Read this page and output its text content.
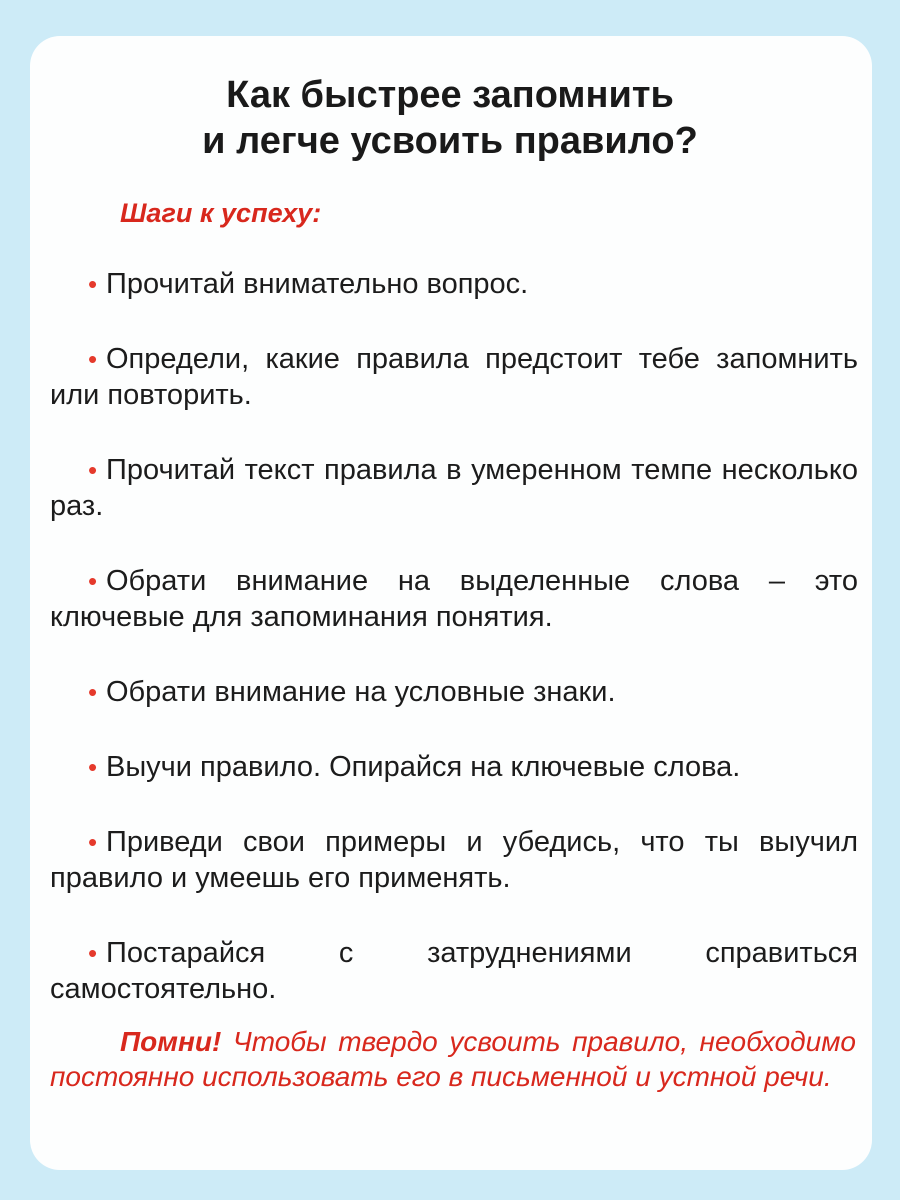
Как быстрее запомнить
и легче усвоить правило?

Шаги к успеху:

• Прочитай внимательно вопрос.
• Определи, какие правила предстоит тебе запомнить или повторить.
• Прочитай текст правила в умеренном темпе несколько раз.
• Обрати внимание на выделенные слова – это ключевые для запоминания понятия.
• Обрати внимание на условные знаки.
• Выучи правило. Опирайся на ключевые слова.
• Приведи свои примеры и убедись, что ты выучил правило и умеешь его применять.
• Постарайся с затруднениями справиться самостоятельно.

Помни! Чтобы твердо усвоить правило, необходимо постоянно использовать его в письменной и устной речи.
